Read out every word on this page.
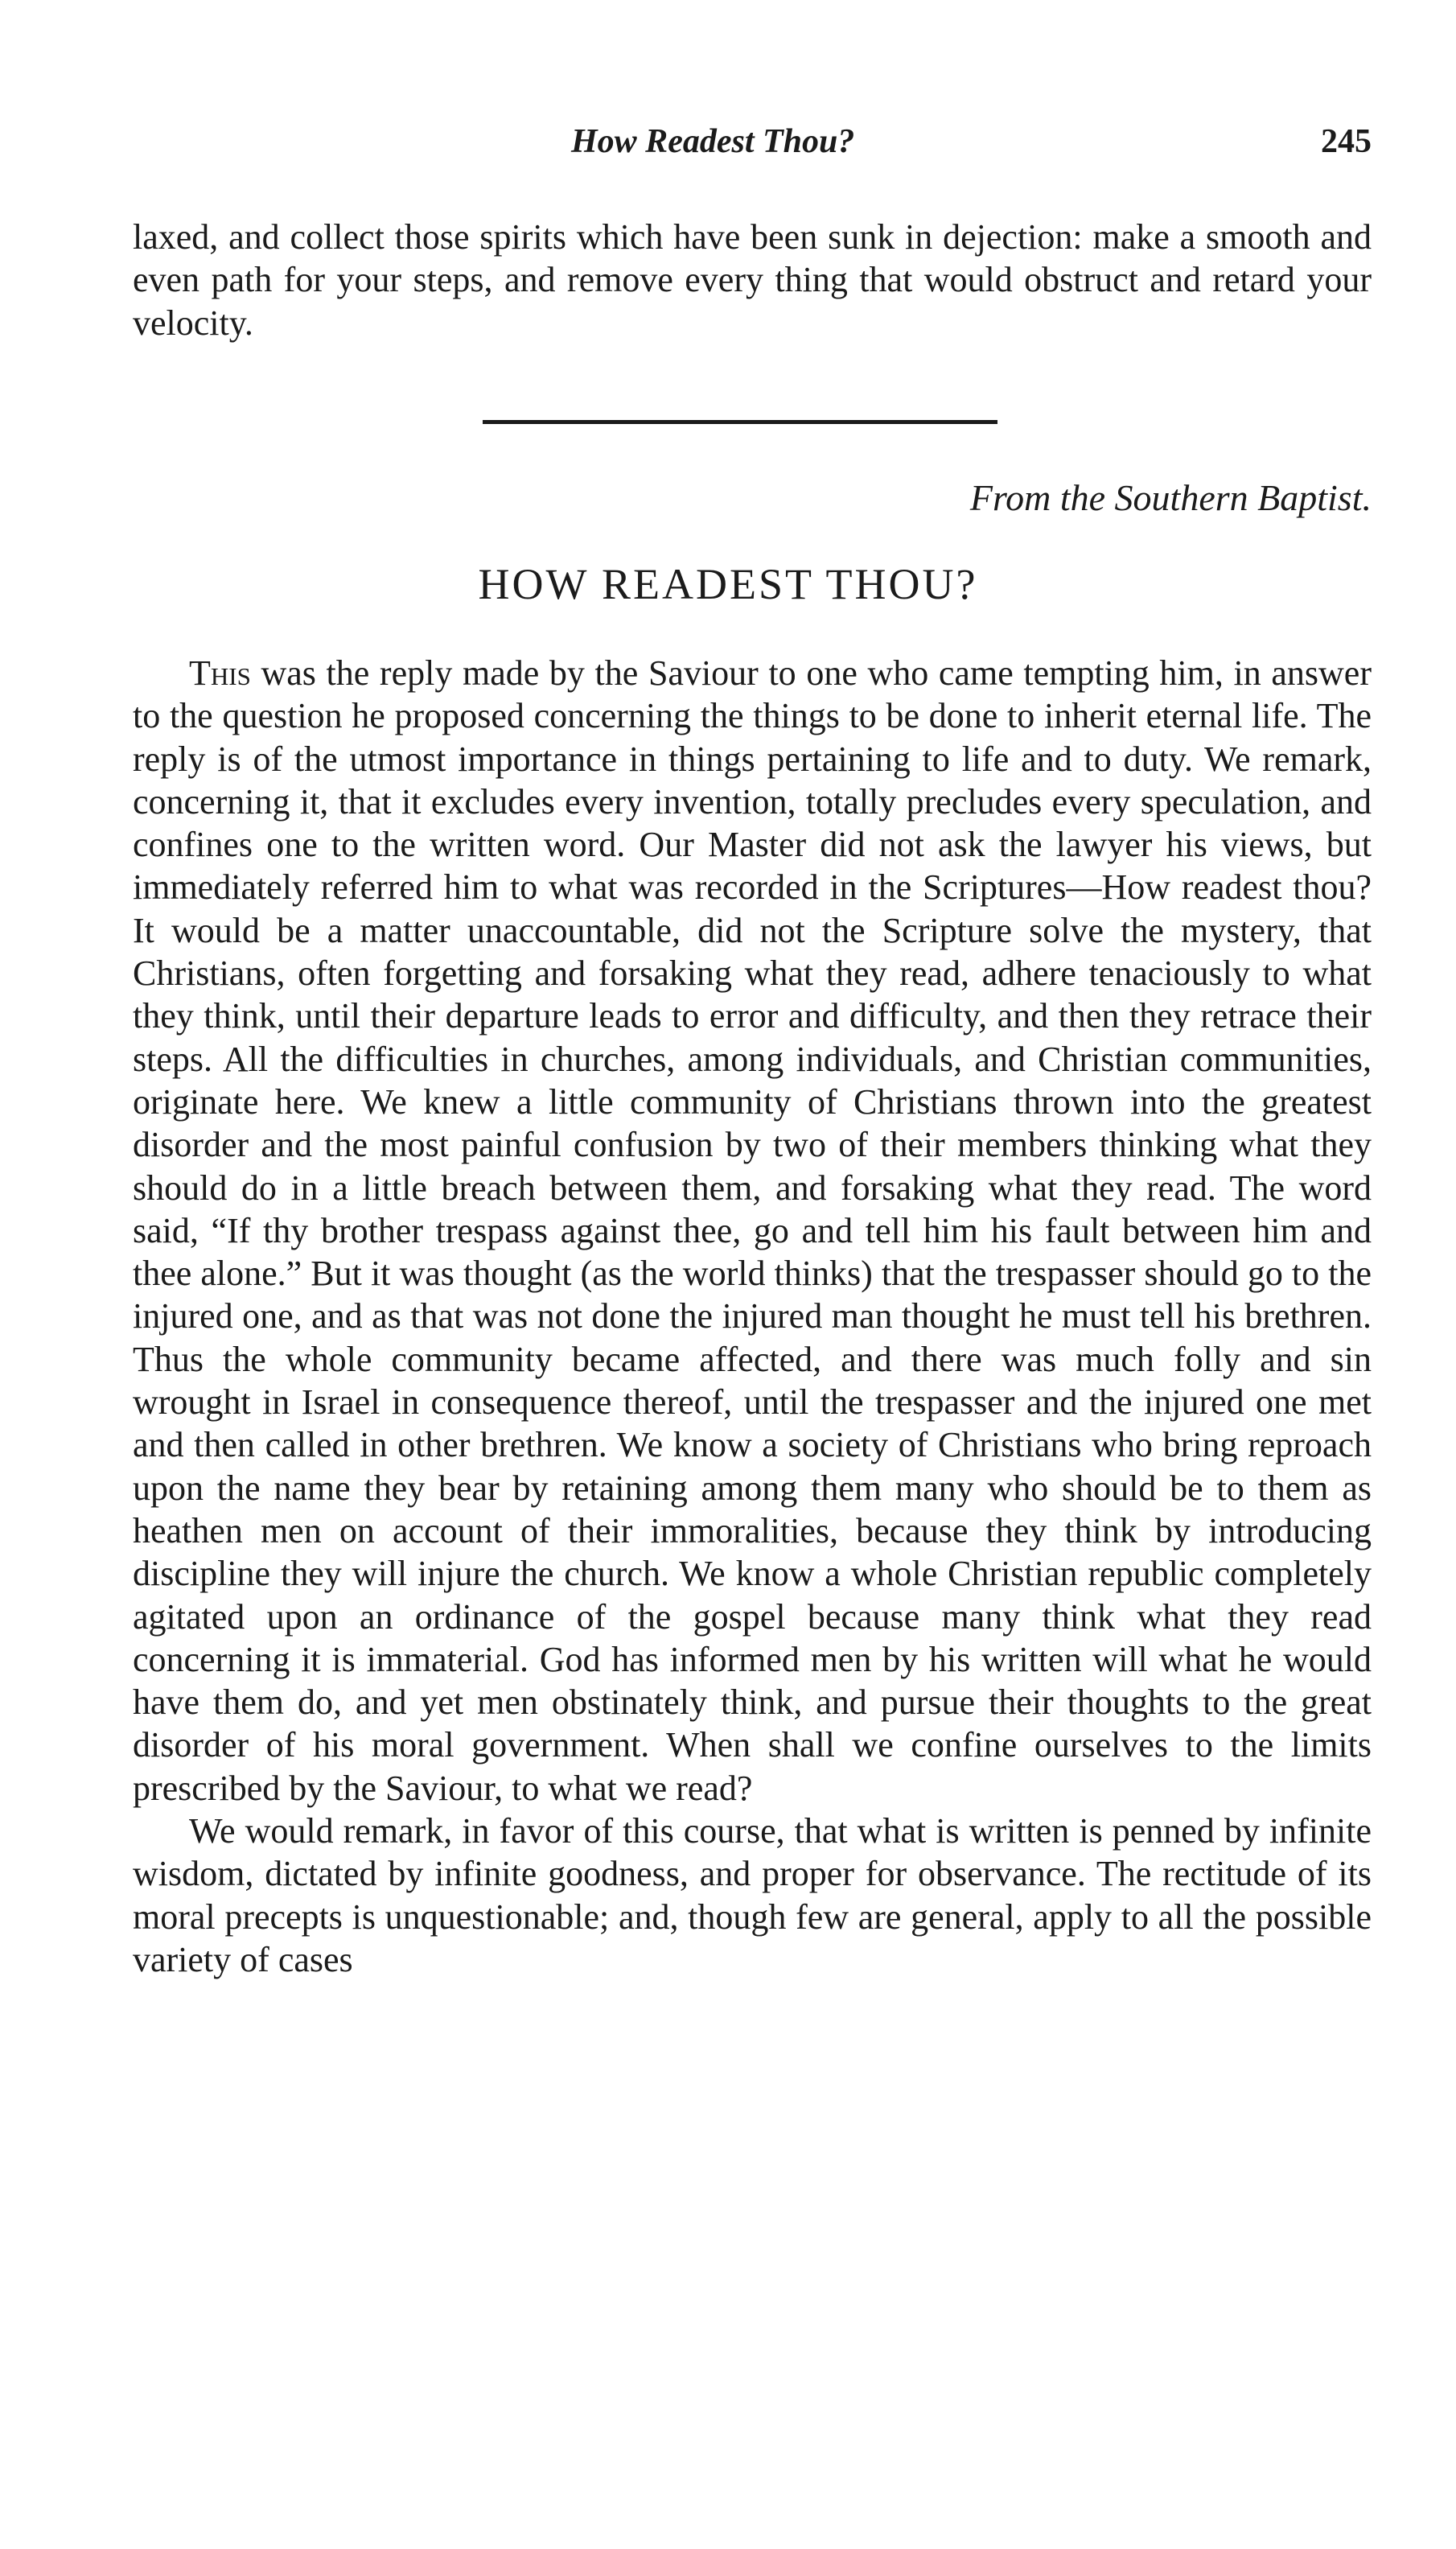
How Readest Thou?	245

laxed, and collect those spirits which have been sunk in dejection: make a smooth and even path for your steps, and remove every thing that would obstruct and retard your velocity.

From the Southern Baptist.
HOW READEST THOU?

This was the reply made by the Saviour to one who came tempting him, in answer to the question he proposed concerning the things to be done to inherit eternal life. The reply is of the utmost importance in things pertaining to life and to duty. We remark, concerning it, that it excludes every invention, totally precludes every speculation, and confines one to the written word. Our Master did not ask the lawyer his views, but immediately referred him to what was recorded in the Scriptures—How readest thou? It would be a matter unaccountable, did not the Scripture solve the mystery, that Christians, often forgetting and forsaking what they read, adhere tenaciously to what they think, until their departure leads to error and difficulty, and then they retrace their steps. All the difficulties in churches, among individuals, and Christian communities, originate here. We knew a little community of Christians thrown into the greatest disorder and the most painful confusion by two of their members thinking what they should do in a little breach between them, and forsaking what they read. The word said, “If thy brother trespass against thee, go and tell him his fault between him and thee alone.” But it was thought (as the world thinks) that the trespasser should go to the injured one, and as that was not done the injured man thought he must tell his brethren. Thus the whole community became affected, and there was much folly and sin wrought in Israel in consequence thereof, until the trespasser and the injured one met and then called in other brethren. We know a society of Christians who bring reproach upon the name they bear by retaining among them many who should be to them as heathen men on account of their immoralities, because they think by introducing discipline they will injure the church. We know a whole Christian republic completely agitated upon an ordinance of the gospel because many think what they read concerning it is immaterial. God has informed men by his written will what he would have them do, and yet men obstinately think, and pursue their thoughts to the great disorder of his moral government. When shall we confine ourselves to the limits prescribed by the Saviour, to what we read?

We would remark, in favor of this course, that what is written is penned by infinite wisdom, dictated by infinite goodness, and proper for observance. The rectitude of its moral precepts is unquestionable; and, though few are general, apply to all the possible variety of cases
